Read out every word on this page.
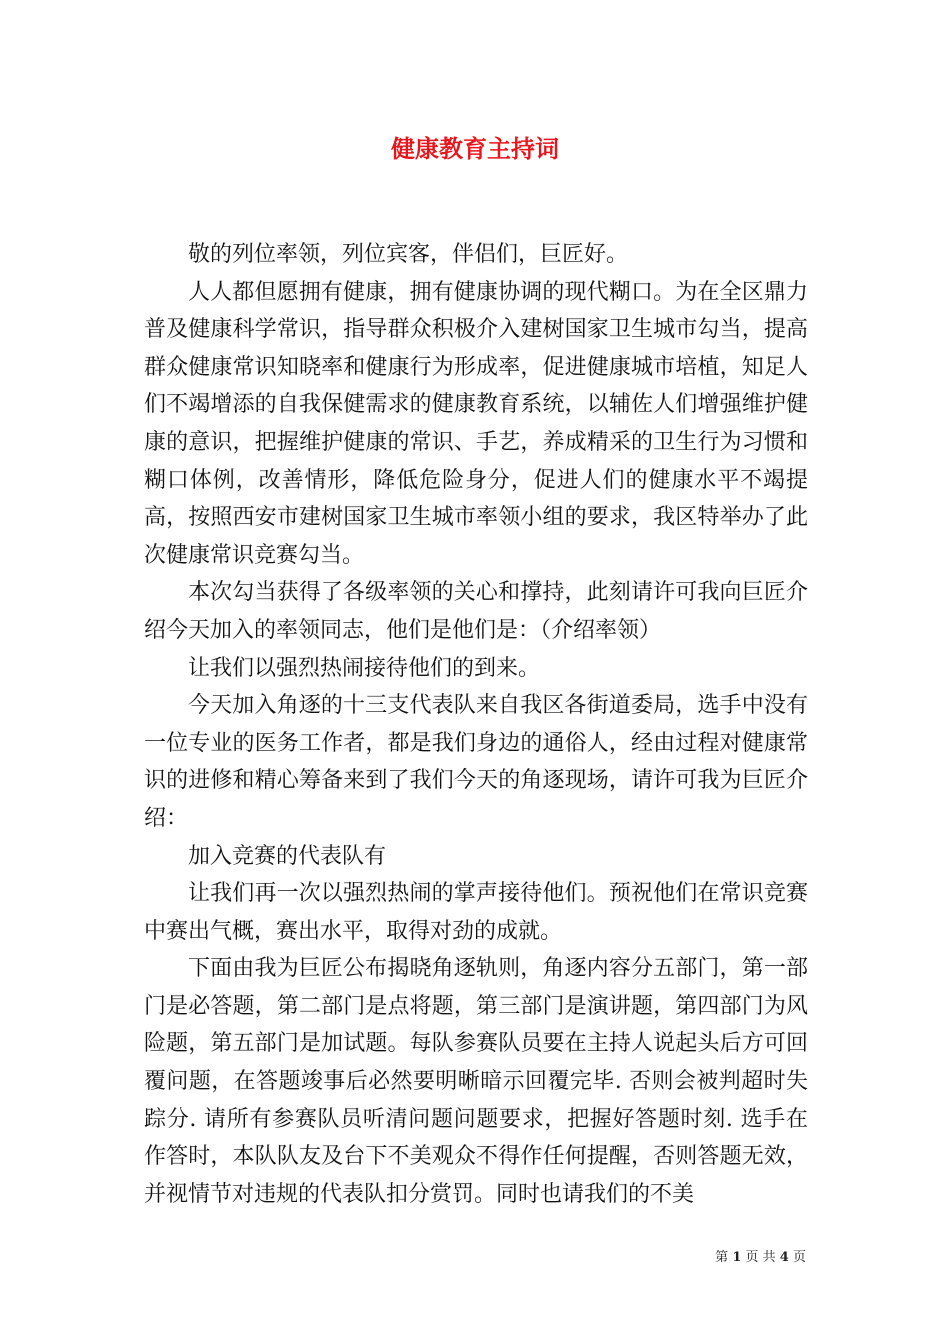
健康教育主持词

敬的列位率领，列位宾客，伴侣们，巨匠好。

人人都但愿拥有健康，拥有健康协调的现代糊口。为在全区鼎力普及健康科学常识，指导群众积极介入建树国家卫生城市勾当，提高群众健康常识知晓率和健康行为形成率，促进健康城市培植，知足人们不竭增添的自我保健需求的健康教育系统，以辅佐人们增强维护健康的意识，把握维护健康的常识、手艺，养成精采的卫生行为习惯和糊口体例，改善情形，降低危险身分，促进人们的健康水平不竭提高，按照西安市建树国家卫生城市率领小组的要求，我区特举办了此次健康常识竞赛勾当。

本次勾当获得了各级率领的关心和撑持，此刻请许可我向巨匠介绍今天加入的率领同志，他们是他们是：（介绍率领）

让我们以强烈热闹接待他们的到来。

今天加入角逐的十三支代表队来自我区各街道委局，选手中没有一位专业的医务工作者，都是我们身边的通俗人，经由过程对健康常识的进修和精心筹备来到了我们今天的角逐现场，请许可我为巨匠介绍：

加入竞赛的代表队有

让我们再一次以强烈热闹的掌声接待他们。预祝他们在常识竞赛中赛出气概，赛出水平，取得对劲的成就。

下面由我为巨匠公布揭晓角逐轨则，角逐内容分五部门，第一部门是必答题，第二部门是点将题，第三部门是演讲题，第四部门为风险题，第五部门是加试题。每队参赛队员要在主持人说起头后方可回覆问题，在答题竣事后必然要明晰暗示回覆完毕. 否则会被判超时失踪分. 请所有参赛队员听清问题问题要求，把握好答题时刻. 选手在作答时，本队队友及台下不美观众不得作任何提醒，否则答题无效，并视情节对违规的代表队扣分赏罚。同时也请我们的不美

第 1 页 共 4 页
